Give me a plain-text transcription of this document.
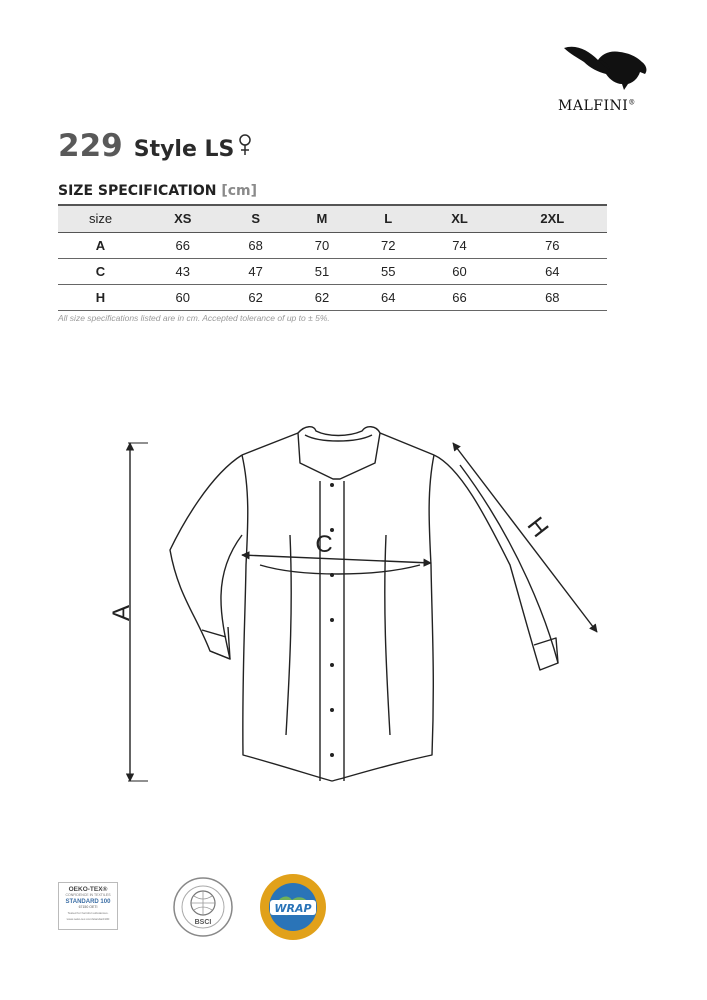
MALFINI®
229 Style LS
SIZE SPECIFICATION [cm]
size	XS	S	M	L	XL	2XL
A	66	68	70	72	74	76
C	43	47	51	55	60	64
H	60	62	62	64	66	68
All size specifications listed are in cm. Accepted tolerance of up to ± 5%.
A
C
H
OEKO-TEX®
CONFIDENCE IN TEXTILES
STANDARD 100
67150 OETI
Tested for harmful substances.
www.oeko-tex.com/standard100	BSCI
WRAP
